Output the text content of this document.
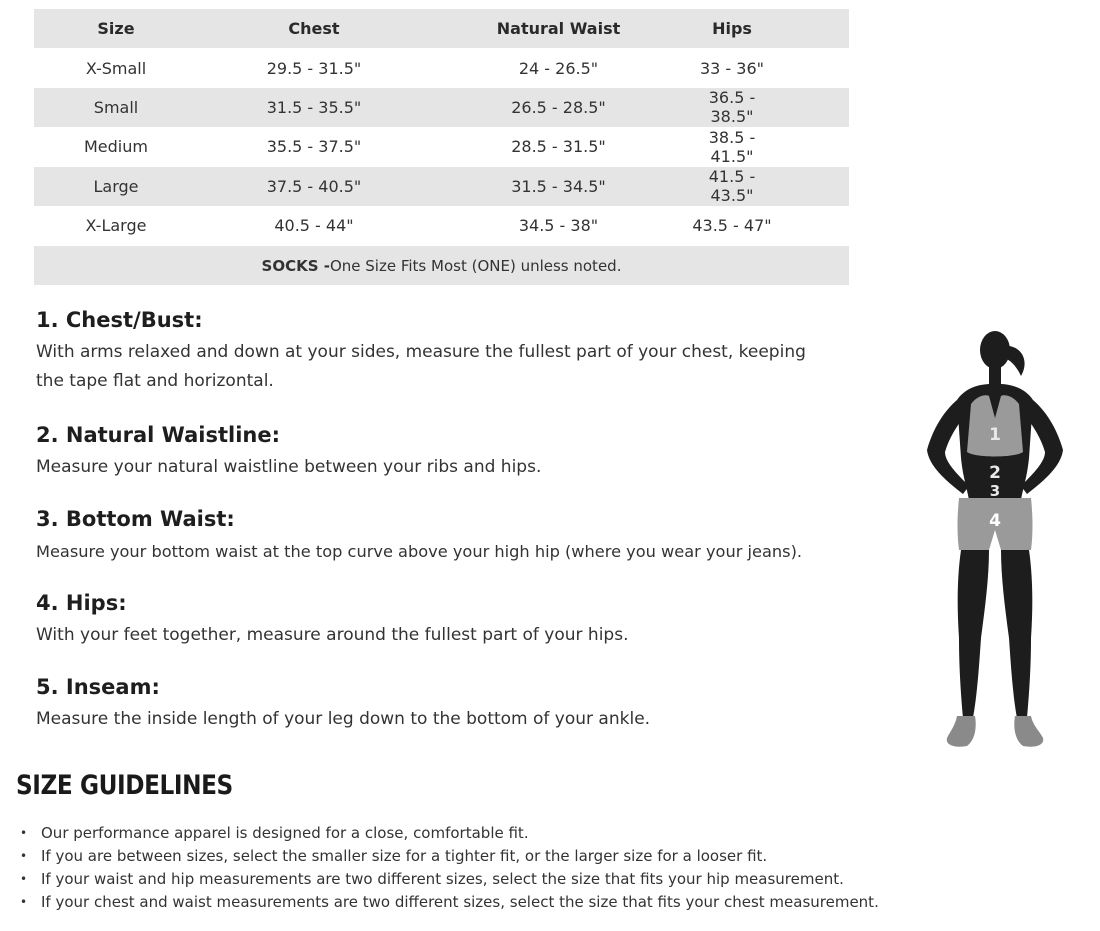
Size	Chest	Natural Waist	Hips
X-Small	29.5 - 31.5"	24 - 26.5"	33 - 36"
Small	31.5 - 35.5"	26.5 - 28.5"	36.5 - 38.5"
Medium	35.5 - 37.5"	28.5 - 31.5"	38.5 - 41.5"
Large	37.5 - 40.5"	31.5 - 34.5"	41.5 - 43.5"
X-Large	40.5 - 44"	34.5 - 38"	43.5 - 47"
SOCKS - One Size Fits Most (ONE) unless noted.

1. Chest/Bust:

With arms relaxed and down at your sides, measure the fullest part of your chest, keeping the tape flat and horizontal.

2. Natural Waistline:

Measure your natural waistline between your ribs and hips.

3. Bottom Waist:

Measure your bottom waist at the top curve above your high hip (where you wear your jeans).

4. Hips:

With your feet together, measure around the fullest part of your hips.

5. Inseam:

Measure the inside length of your leg down to the bottom of your ankle.

1
2
3
4
SIZE GUIDELINES
• Our performance apparel is designed for a close, comfortable fit.
• If you are between sizes, select the smaller size for a tighter fit, or the larger size for a looser fit.
• If your waist and hip measurements are two different sizes, select the size that fits your hip measurement.
• If your chest and waist measurements are two different sizes, select the size that fits your chest measurement.
